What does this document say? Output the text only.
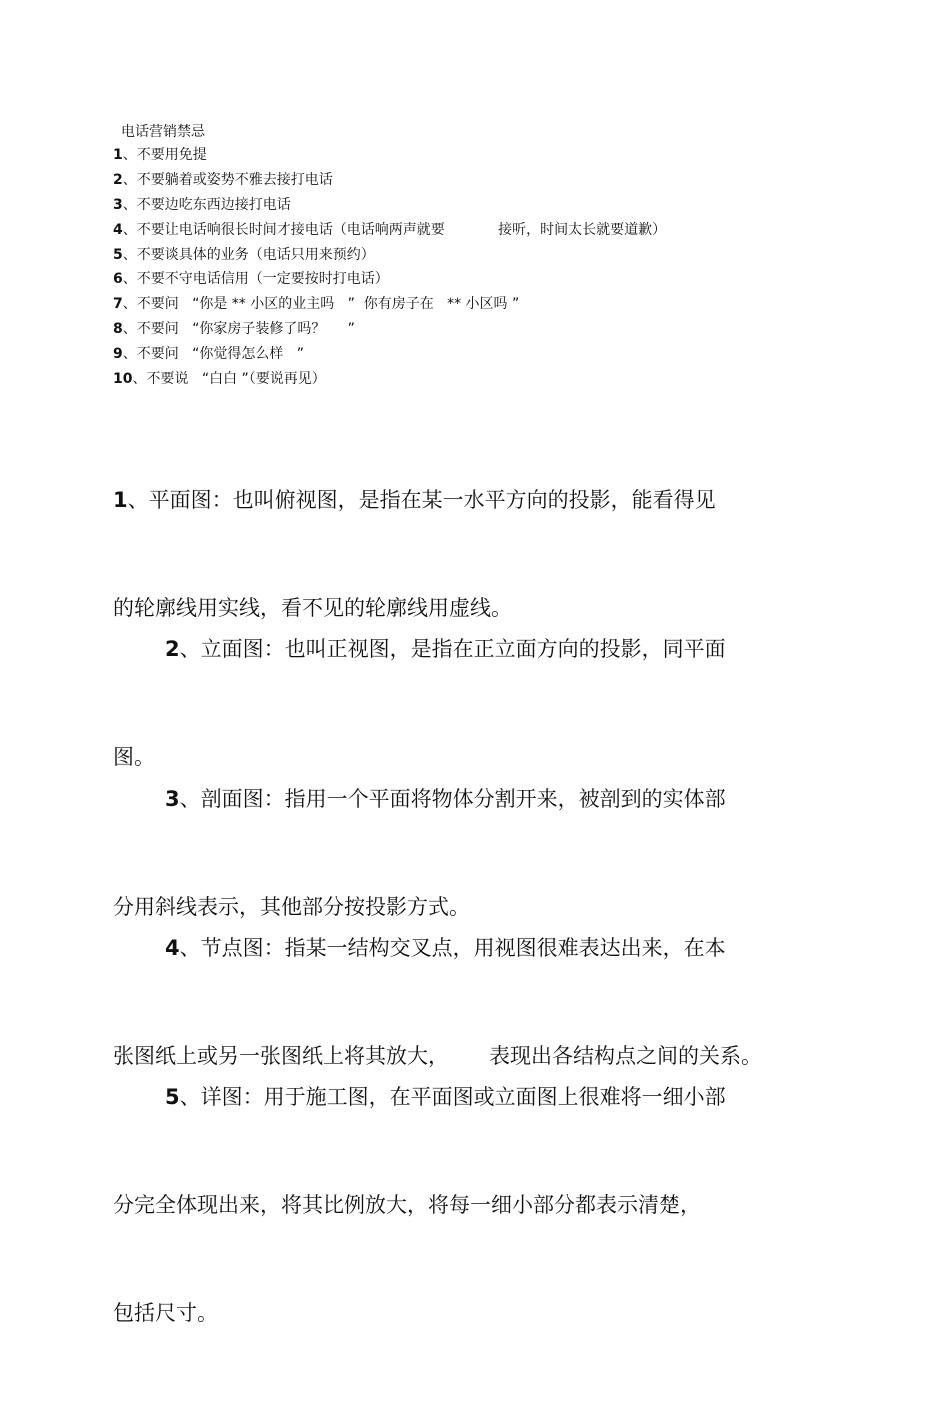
电话营销禁忌
1、不要用免提
2、不要躺着或姿势不雅去接打电话
3、不要边吃东西边接打电话
4、不要让电话响很长时间才接电话（电话响两声就要            接听，时间太长就要道歉）
5、不要谈具体的业务（电话只用来预约）
6、不要不守电话信用（一定要按时打电话）
7、不要问   “你是 ** 小区的业主吗   ”  你有房子在   ** 小区吗 ”
8、不要问   “你家房子装修了吗？     ”
9、不要问   “你觉得怎么样   ”
10、不要说   “白白 ”（要说再见）

1、平面图：也叫俯视图，是指在某一水平方向的投影，能看得见

的轮廓线用实线，看不见的轮廓线用虚线。

2、立面图：也叫正视图，是指在正立面方向的投影，同平面

图。

3、剖面图：指用一个平面将物体分割开来，被剖到的实体部

分用斜线表示，其他部分按投影方式。

4、节点图：指某一结构交叉点，用视图很难表达出来，在本

张图纸上或另一张图纸上将其放大，      表现出各结构点之间的关系。

5、详图：用于施工图，在平面图或立面图上很难将一细小部

分完全体现出来，将其比例放大，将每一细小部分都表示清楚，

包括尺寸。
